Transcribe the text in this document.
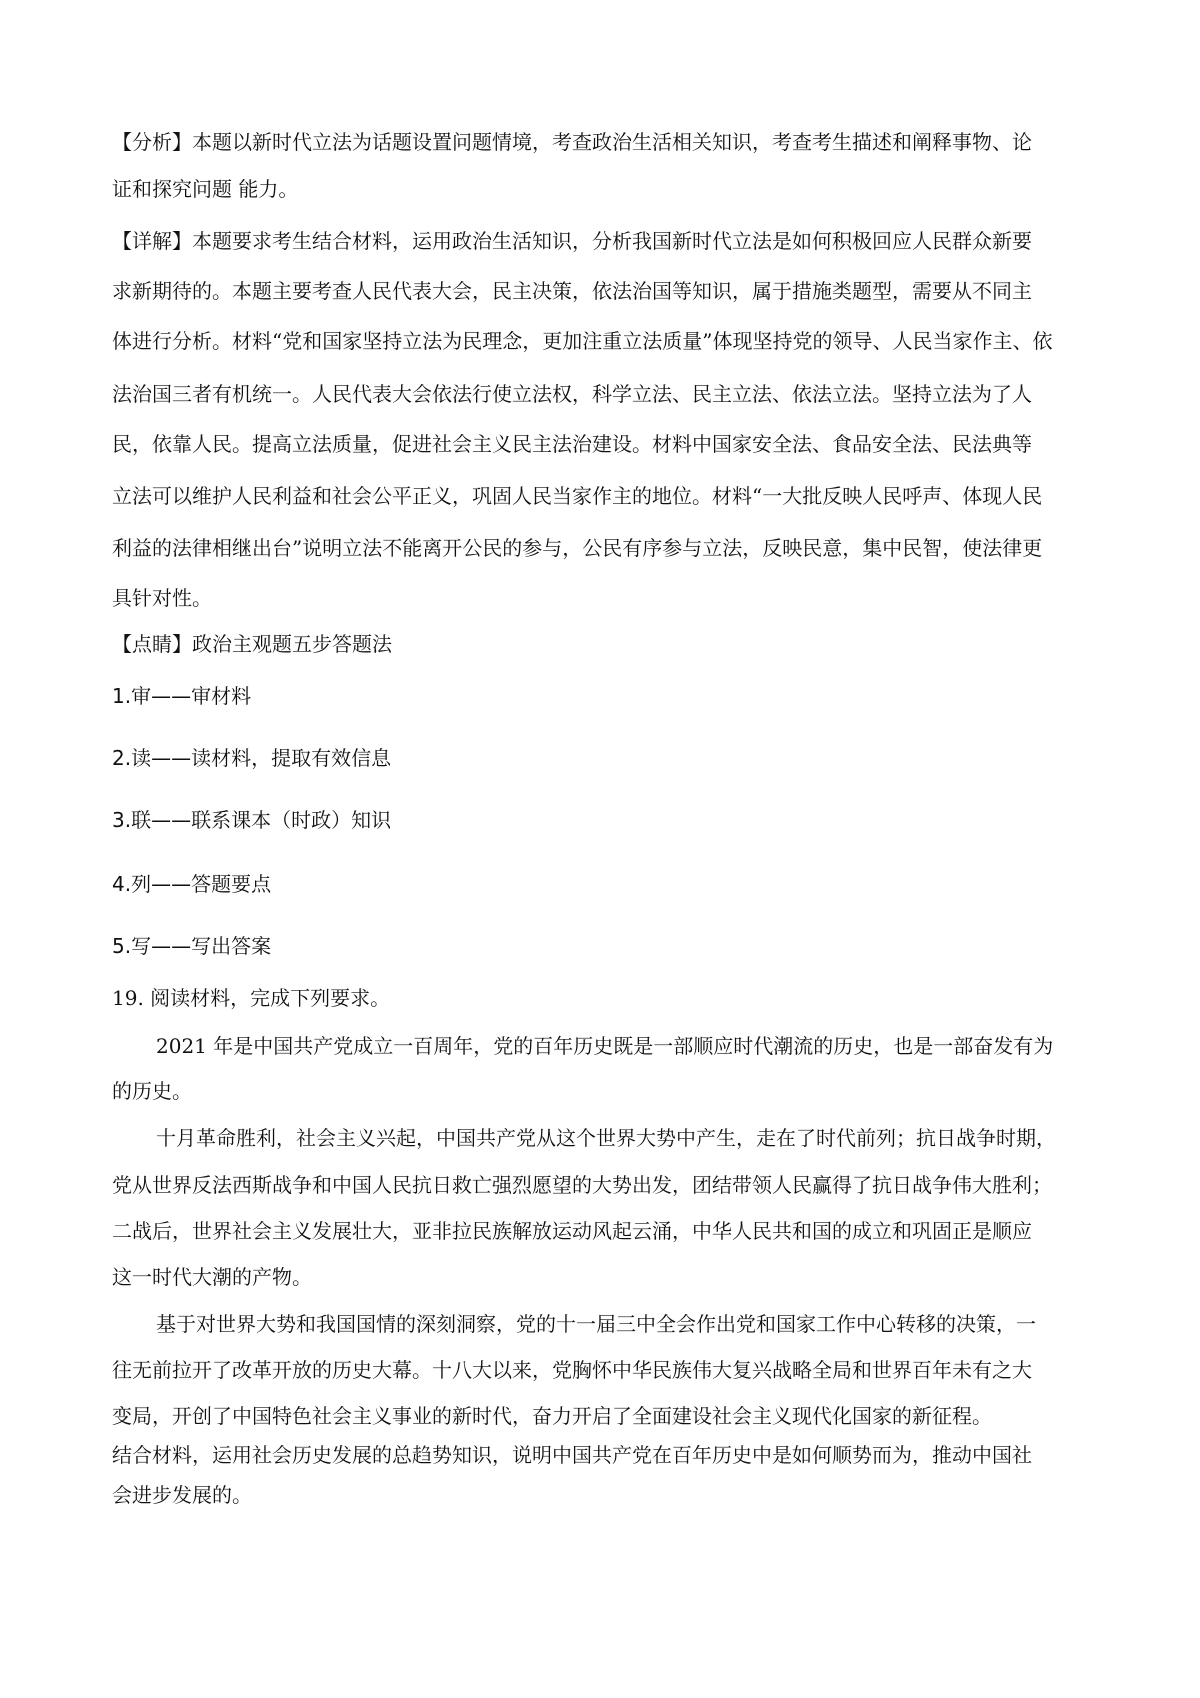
【分析】本题以新时代立法为话题设置问题情境，考查政治生活相关知识，考查考生描述和阐释事物、论
证和探究问题 能力。
【详解】本题要求考生结合材料，运用政治生活知识，分析我国新时代立法是如何积极回应人民群众新要
求新期待的。本题主要考查人民代表大会，民主决策，依法治国等知识，属于措施类题型，需要从不同主
体进行分析。材料“党和国家坚持立法为民理念，更加注重立法质量”体现坚持党的领导、人民当家作主、依
法治国三者有机统一。人民代表大会依法行使立法权，科学立法、民主立法、依法立法。坚持立法为了人
民，依靠人民。提高立法质量，促进社会主义民主法治建设。材料中国家安全法、食品安全法、民法典等
立法可以维护人民利益和社会公平正义，巩固人民当家作主的地位。材料“一大批反映人民呼声、体现人民
利益的法律相继出台”说明立法不能离开公民的参与，公民有序参与立法，反映民意，集中民智，使法律更
具针对性。
【点睛】政治主观题五步答题法
1.审——审材料
2.读——读材料，提取有效信息
3.联——联系课本（时政）知识
4.列——答题要点
5.写——写出答案
19. 阅读材料，完成下列要求。
2021 年是中国共产党成立一百周年，党的百年历史既是一部顺应时代潮流的历史，也是一部奋发有为
的历史。
十月革命胜利，社会主义兴起，中国共产党从这个世界大势中产生，走在了时代前列；抗日战争时期，
党从世界反法西斯战争和中国人民抗日救亡强烈愿望的大势出发，团结带领人民赢得了抗日战争伟大胜利；
二战后，世界社会主义发展壮大，亚非拉民族解放运动风起云涌，中华人民共和国的成立和巩固正是顺应
这一时代大潮的产物。
基于对世界大势和我国国情的深刻洞察，党的十一届三中全会作出党和国家工作中心转移的决策，一
往无前拉开了改革开放的历史大幕。十八大以来，党胸怀中华民族伟大复兴战略全局和世界百年未有之大
变局，开创了中国特色社会主义事业的新时代，奋力开启了全面建设社会主义现代化国家的新征程。
结合材料，运用社会历史发展的总趋势知识，说明中国共产党在百年历史中是如何顺势而为，推动中国社
会进步发展的。
